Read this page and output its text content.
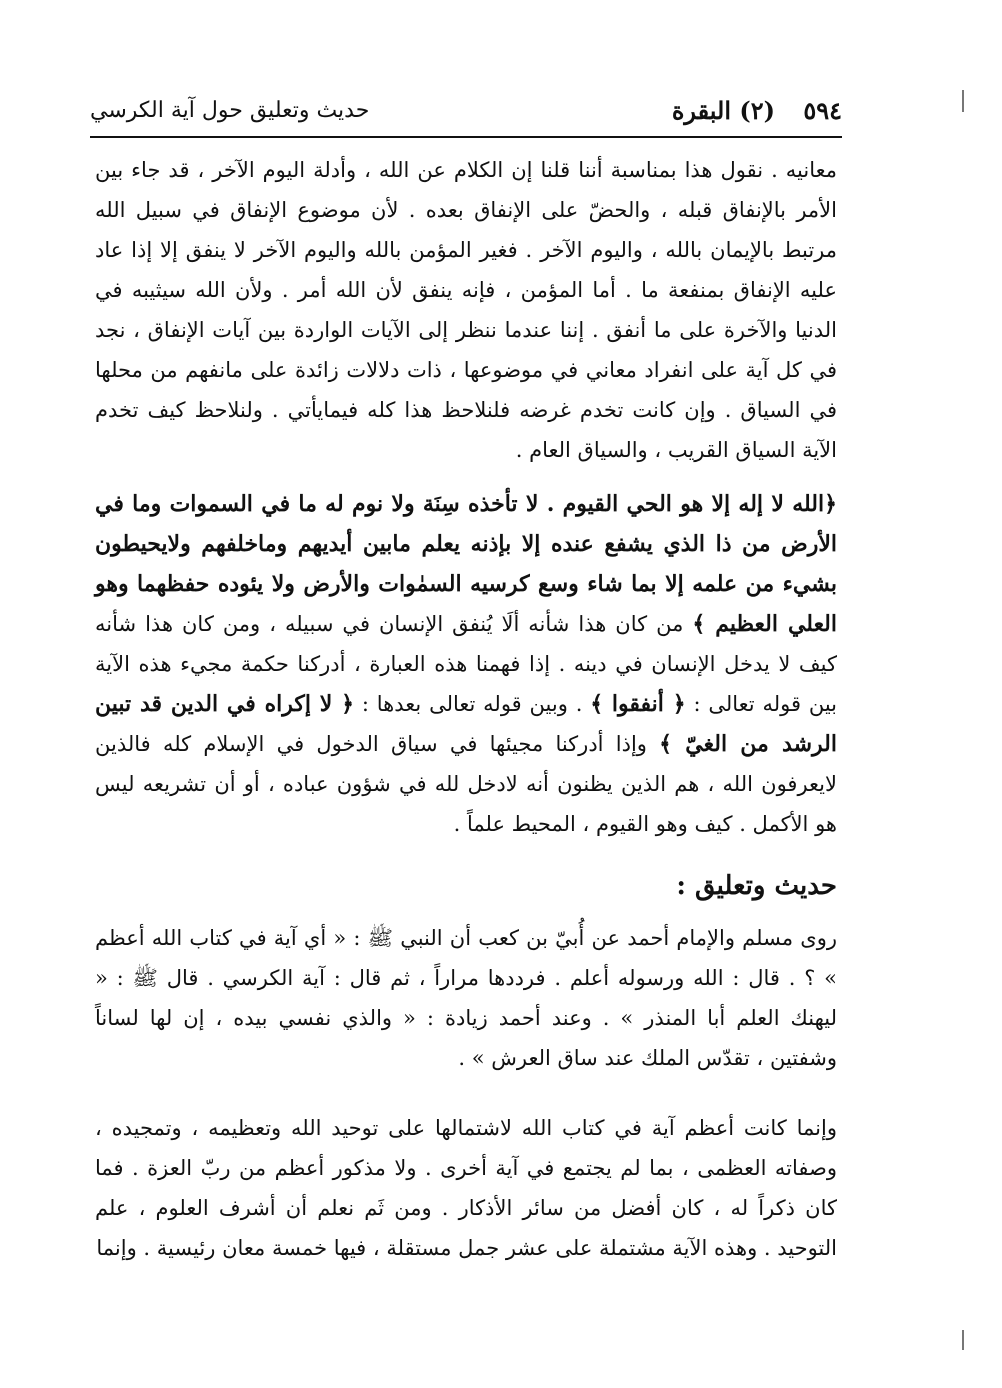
٥٩٤ (٢) البقرة
حديث وتعليق حول آية الكرسي

معانيه . نقول هذا بمناسبة أننا قلنا إن الكلام عن الله ، وأدلة اليوم الآخر ، قد جاء بين الأمر بالإنفاق قبله ، والحضّ على الإنفاق بعده . لأن موضوع الإنفاق في سبيل الله مرتبط بالإيمان بالله ، واليوم الآخر . فغير المؤمن بالله واليوم الآخر لا ينفق إلا إذا عاد عليه الإنفاق بمنفعة ما . أما المؤمن ، فإنه ينفق لأن الله أمر . ولأن الله سيثيبه في الدنيا والآخرة على ما أنفق . إننا عندما ننظر إلى الآيات الواردة بين آيات الإنفاق ، نجد في كل آية على انفراد معاني في موضوعها ، ذات دلالات زائدة على مانفهم من محلها في السياق . وإن كانت تخدم غرضه فلنلاحظ هذا كله فيمايأتي . ولنلاحظ كيف تخدم الآية السياق القريب ، والسياق العام .

﴿الله لا إله إلا هو الحي القيوم . لا تأخذه سِنَة ولا نوم له ما في السموات وما في الأرض من ذا الذي يشفع عنده إلا بإذنه يعلم مابين أيديهم وماخلفهم ولايحيطون بشيء من علمه إلا بما شاء وسع كرسيه السمٰوات والأرض ولا يئوده حفظهما وهو العلي العظيم ﴾ من كان هذا شأنه ألَا يُنفق الإنسان في سبيله ، ومن كان هذا شأنه كيف لا يدخل الإنسان في دينه . إذا فهمنا هذه العبارة ، أدركنا حكمة مجيء هذه الآية بين قوله تعالى : ﴿ أنفقوا ﴾ . وبين قوله تعالى بعدها : ﴿ لا إكراه في الدين قد تبين الرشد من الغيّ ﴾ وإذا أدركنا مجيئها في سياق الدخول في الإسلام كله فالذين لايعرفون الله ، هم الذين يظنون أنه لادخل لله في شؤون عباده ، أو أن تشريعه ليس هو الأكمل . كيف وهو القيوم ، المحيط علماً .

حديث وتعليق :

روى مسلم والإمام أحمد عن أُبيّ بن كعب أن النبي ﷺ : « أي آية في كتاب الله أعظم » ؟ . قال : الله ورسوله أعلم . فرددها مراراً ، ثم قال : آية الكرسي . قال ﷺ : « ليهنك العلم أبا المنذر » . وعند أحمد زيادة : « والذي نفسي بيده ، إن لها لساناً وشفتين ، تقدّس الملك عند ساق العرش » .

وإنما كانت أعظم آية في كتاب الله لاشتمالها على توحيد الله وتعظيمه ، وتمجيده ، وصفاته العظمى ، بما لم يجتمع في آية أخرى . ولا مذكور أعظم من ربّ العزة . فما كان ذكراً له ، كان أفضل من سائر الأذكار . ومن ثَم نعلم أن أشرف العلوم ، علم التوحيد . وهذه الآية مشتملة على عشر جمل مستقلة ، فيها خمسة معان رئيسية . وإنما
